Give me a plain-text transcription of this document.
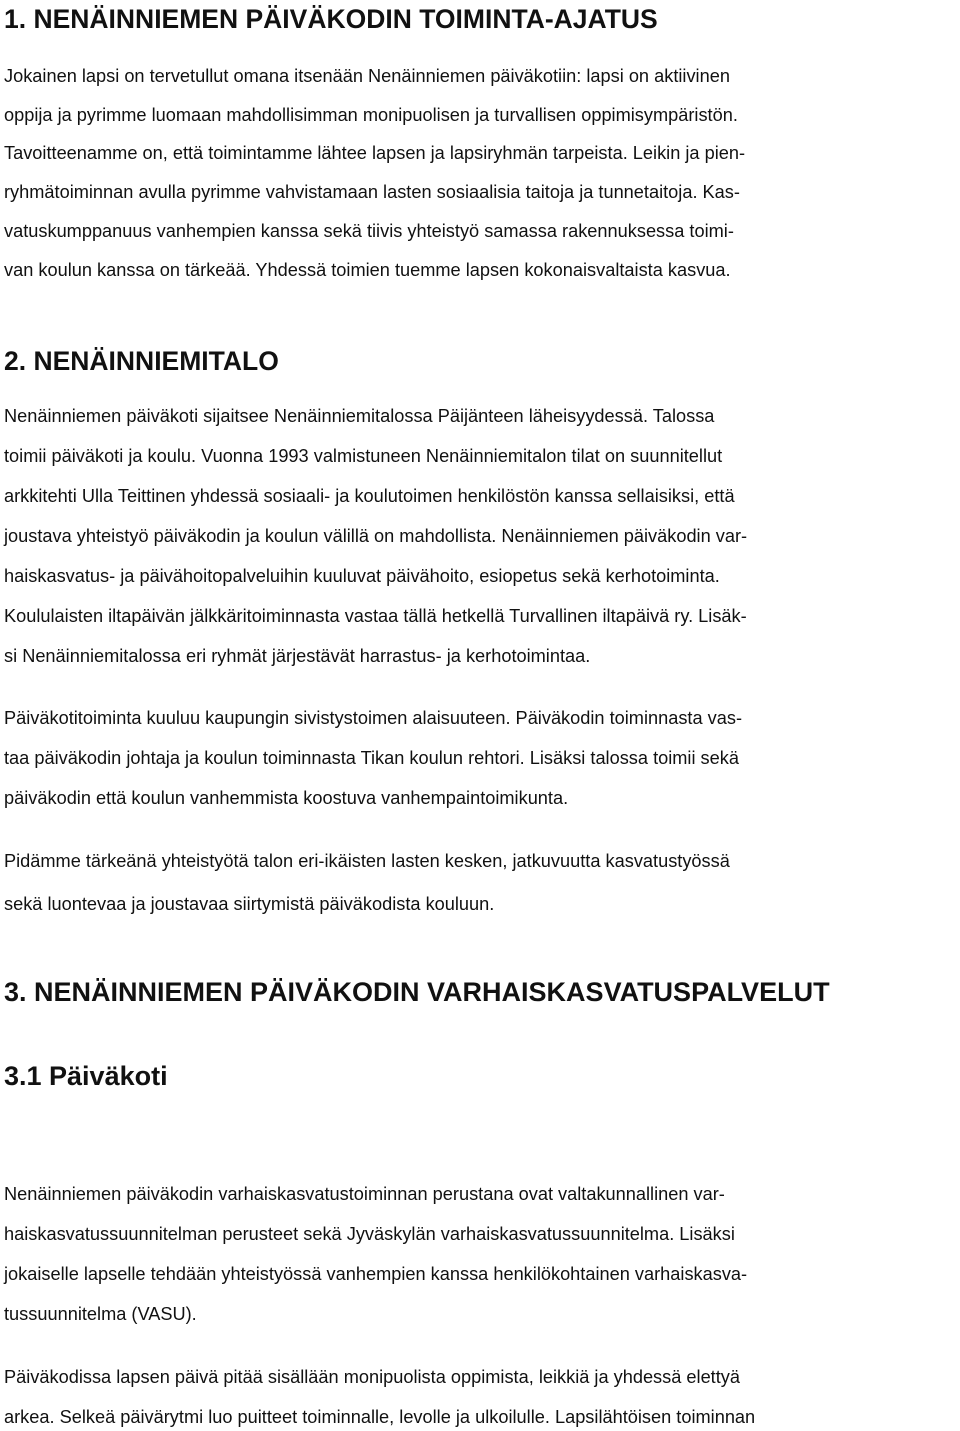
1. NENÄINNIEMEN PÄIVÄKODIN TOIMINTA-AJATUS

Jokainen lapsi on tervetullut omana itsenään Nenäinniemen päiväkotiin: lapsi on aktiivinen

oppija ja pyrimme luomaan mahdollisimman monipuolisen ja turvallisen oppimisympäristön.

Tavoitteenamme on, että toimintamme lähtee lapsen ja lapsiryhmän tarpeista. Leikin ja pien-

ryhmätoiminnan avulla pyrimme vahvistamaan lasten sosiaalisia taitoja ja tunnetaitoja. Kas-

vatuskumppanuus vanhempien kanssa sekä tiivis yhteistyö samassa rakennuksessa toimi-

van koulun kanssa on tärkeää. Yhdessä toimien tuemme lapsen kokonaisvaltaista kasvua.

2. NENÄINNIEMITALO

Nenäinniemen päiväkoti sijaitsee Nenäinniemitalossa Päijänteen läheisyydessä. Talossa

toimii päiväkoti ja koulu. Vuonna 1993 valmistuneen Nenäinniemitalon tilat on suunnitellut

arkkitehti Ulla Teittinen yhdessä sosiaali- ja koulutoimen henkilöstön kanssa sellaisiksi, että

joustava yhteistyö päiväkodin ja koulun välillä on mahdollista. Nenäinniemen päiväkodin var-

haiskasvatus- ja päivähoitopalveluihin kuuluvat päivähoito, esiopetus sekä kerhotoiminta.

Koululaisten iltapäivän jälkkäritoiminnasta vastaa tällä hetkellä Turvallinen iltapäivä ry. Lisäk-

si Nenäinniemitalossa eri ryhmät järjestävät harrastus- ja kerhotoimintaa.

Päiväkotitoiminta kuuluu kaupungin sivistystoimen alaisuuteen. Päiväkodin toiminnasta vas-

taa päiväkodin johtaja ja koulun toiminnasta Tikan koulun rehtori. Lisäksi talossa toimii sekä

päiväkodin että koulun vanhemmista koostuva vanhempaintoimikunta.

Pidämme tärkeänä yhteistyötä talon eri-ikäisten lasten kesken, jatkuvuutta kasvatustyössä

sekä luontevaa ja joustavaa siirtymistä päiväkodista kouluun.

3. NENÄINNIEMEN PÄIVÄKODIN VARHAISKASVATUSPALVELUT
3.1 Päiväkoti

Nenäinniemen päiväkodin varhaiskasvatustoiminnan perustana ovat valtakunnallinen var-

haiskasvatussuunnitelman perusteet sekä Jyväskylän varhaiskasvatussuunnitelma. Lisäksi

jokaiselle lapselle tehdään yhteistyössä vanhempien kanssa henkilökohtainen varhaiskasva-

tussuunnitelma (VASU).

Päiväkodissa lapsen päivä pitää sisällään monipuolista oppimista, leikkiä ja yhdessä elettyä

arkea. Selkeä päivärytmi luo puitteet toiminnalle, levolle ja ulkoilulle. Lapsilähtöisen toiminnan
